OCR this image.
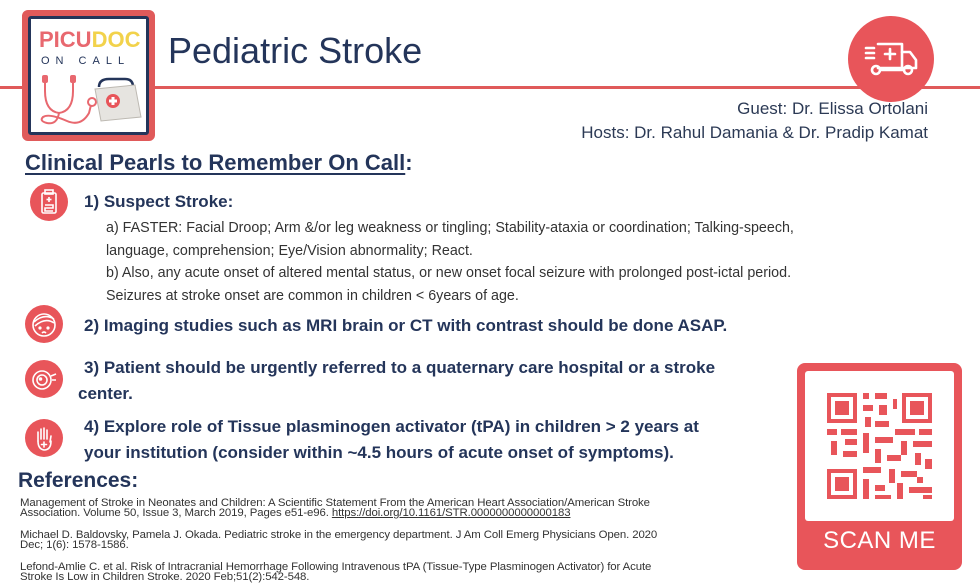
PICUDOC
ON CALL Pediatric Stroke
Guest: Dr. Elissa Ortolani
Hosts: Dr. Rahul Damania & Dr. Pradip Kamat
Clinical Pearls to Remember On Call:
1) Suspect Stroke:
a) FASTER: Facial Droop; Arm &/or leg weakness or tingling; Stability-ataxia or coordination; Talking-speech,
language, comprehension; Eye/Vision abnormality; React.
b) Also, any acute onset of altered mental status, or new onset focal seizure with prolonged post-ictal period.
Seizures at stroke onset are common in children < 6years of age.
2) Imaging studies such as MRI brain or CT with contrast should be done ASAP.
3) Patient should be urgently referred to a quaternary care hospital or a stroke
center.
4) Explore role of Tissue plasminogen activator (tPA) in children > 2 years at
your institution (consider within ~4.5 hours of acute onset of symptoms).
References:
Management of Stroke in Neonates and Children: A Scientific Statement From the American Heart Association/American Stroke
Association. Volume 50, Issue 3, March 2019, Pages e51-e96. https://doi.org/10.1161/STR.0000000000000183
Michael D. Baldovsky, Pamela J. Okada. Pediatric stroke in the emergency department. J Am Coll Emerg Physicians Open. 2020
Dec; 1(6): 1578-1586.
Lefond-Amlie C. et al. Risk of Intracranial Hemorrhage Following Intravenous tPA (Tissue-Type Plasminogen Activator) for Acute
Stroke Is Low in Children Stroke. 2020 Feb;51(2):542-548.
SCAN ME
